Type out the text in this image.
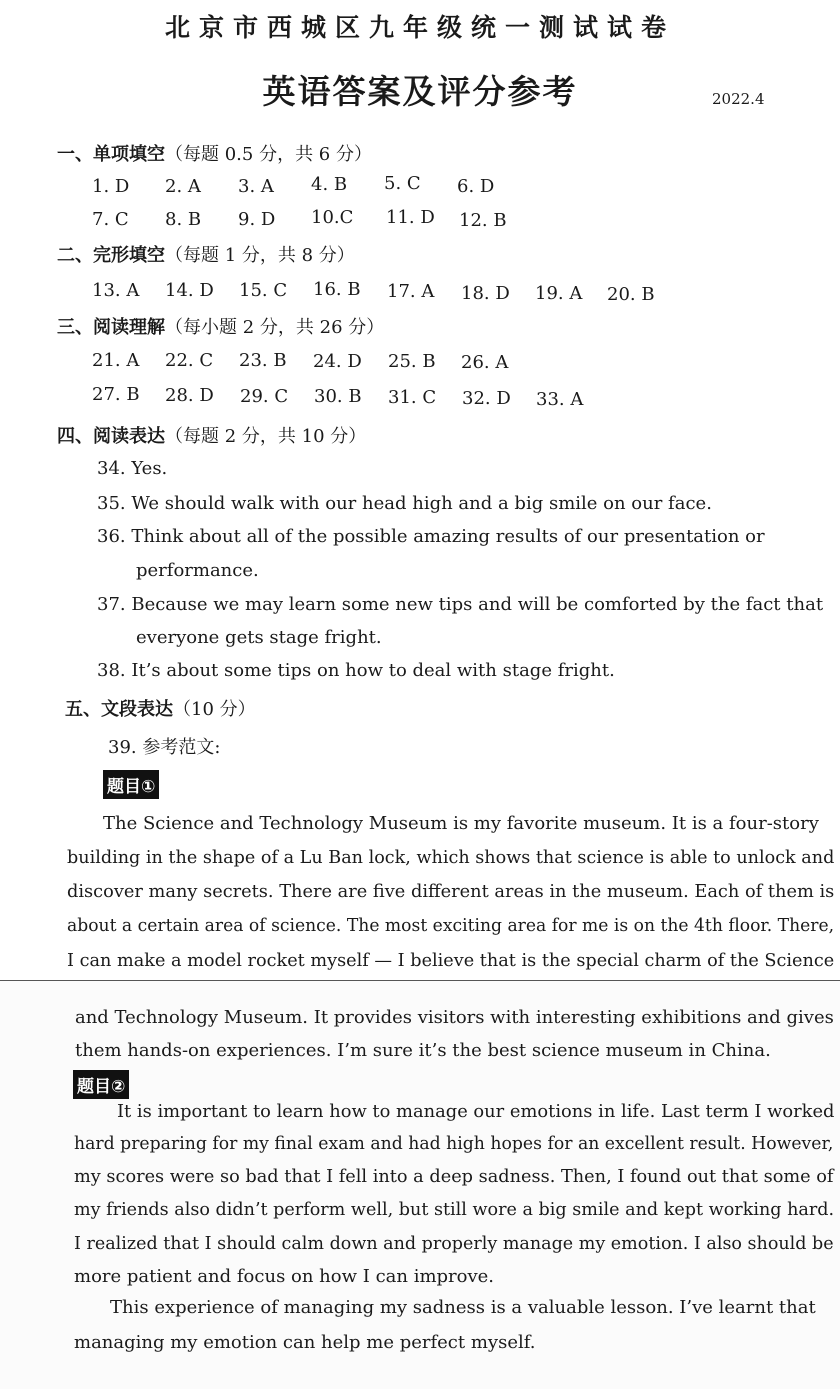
北京市西城区九年级统一测试试卷
英语答案及评分参考	2022.4
一、单项填空（每题 0.5 分，共 6 分）
1. D 2. A 3. A 4. B 5. C 6. D
7. C 8. B 9. D 10.C 11. D 12. B
二、完形填空（每题 1 分，共 8 分）
13. A 14. D 15. C 16. B 17. A 18. D 19. A 20. B
三、阅读理解（每小题 2 分，共 26 分）
21. A 22. C 23. B 24. D 25. B 26. A
27. B 28. D 29. C 30. B 31. C 32. D 33. A
四、阅读表达（每题 2 分，共 10 分）
34. Yes.
35. We should walk with our head high and a big smile on our face.
36. Think about all of the possible amazing results of our presentation or
performance.
37. Because we may learn some new tips and will be comforted by the fact that
everyone gets stage fright.
38. It’s about some tips on how to deal with stage fright.
五、文段表达（10 分）
39. 参考范文:
题目①
The Science and Technology Museum is my favorite museum. It is a four-story
building in the shape of a Lu Ban lock, which shows that science is able to unlock and
discover many secrets. There are five different areas in the museum. Each of them is
about a certain area of science. The most exciting area for me is on the 4th floor. There,
I can make a model rocket myself — I believe that is the special charm of the Science
and Technology Museum. It provides visitors with interesting exhibitions and gives
them hands-on experiences. I’m sure it’s the best science museum in China.
题目②
It is important to learn how to manage our emotions in life. Last term I worked
hard preparing for my final exam and had high hopes for an excellent result. However,
my scores were so bad that I fell into a deep sadness. Then, I found out that some of
my friends also didn’t perform well, but still wore a big smile and kept working hard.
I realized that I should calm down and properly manage my emotion. I also should be
more patient and focus on how I can improve.
This experience of managing my sadness is a valuable lesson. I’ve learnt that
managing my emotion can help me perfect myself.
